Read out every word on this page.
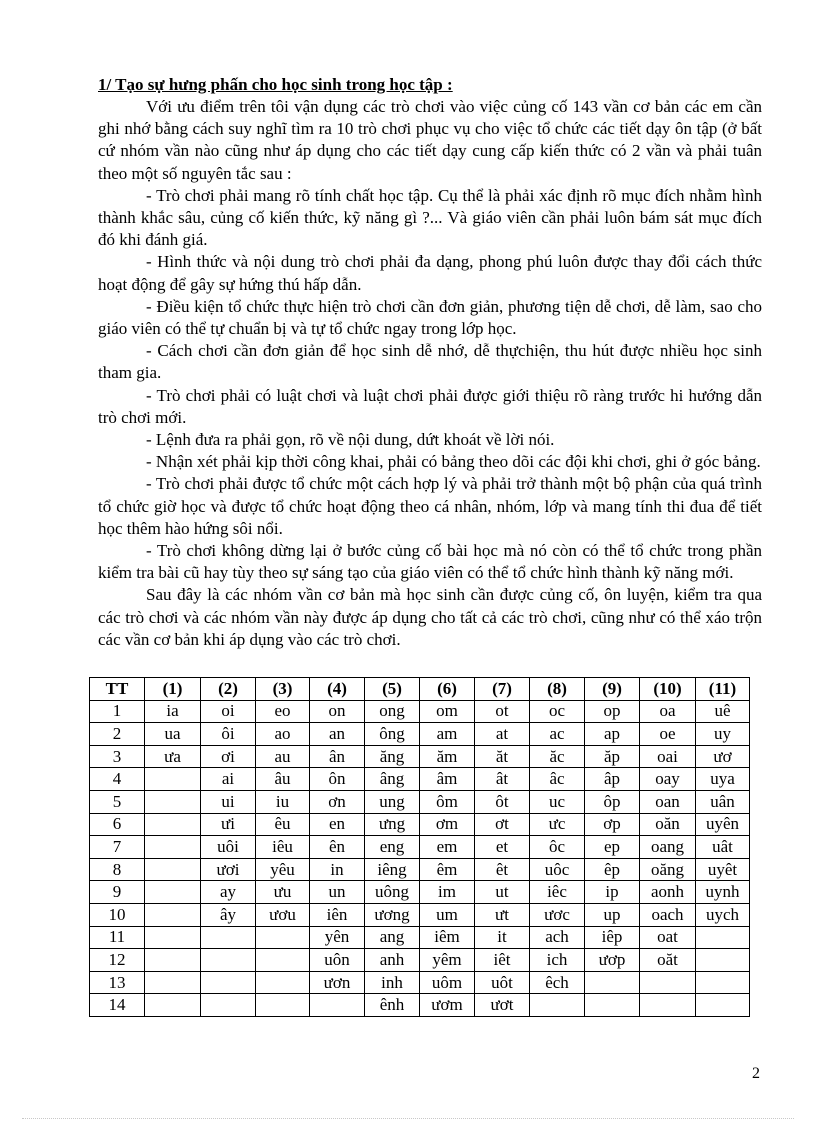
1/ Tạo sự hưng phấn cho học sinh trong học tập :

Với ưu điểm trên tôi vận dụng các trò chơi vào việc củng cố 143 vần cơ bản các em cần ghi nhớ bằng cách suy nghĩ tìm ra 10 trò chơi phục vụ cho việc tổ chức các tiết dạy ôn tập (ở bất cứ nhóm vần nào cũng như áp dụng cho các tiết dạy cung cấp kiến thức có 2 vần và phải tuân theo một số nguyên tắc sau :

- Trò chơi phải mang rõ tính chất học tập. Cụ thể là phải xác định rõ mục đích nhằm hình thành khắc sâu, củng cố kiến thức, kỹ năng gì ?... Và giáo viên cần phải luôn bám sát mục đích đó khi đánh giá.

- Hình thức và nội dung trò chơi phải đa dạng, phong phú luôn được thay đổi cách thức hoạt động để gây sự hứng thú hấp dẫn.

- Điều kiện tổ chức thực hiện trò chơi cần đơn giản, phương tiện dễ chơi, dễ làm, sao cho giáo viên có thể tự chuẩn bị và tự tổ chức ngay trong lớp học.

- Cách chơi cần đơn giản để học sinh dễ nhớ, dễ thựchiện, thu hút được nhiều học sinh tham gia.

- Trò chơi phải có luật chơi và luật chơi phải được giới thiệu rõ ràng trước hi hướng dẫn trò chơi mới.

- Lệnh đưa ra phải gọn, rõ về nội dung, dứt khoát về lời nói.

- Nhận xét phải kịp thời công khai, phải có bảng theo dõi các đội khi chơi, ghi ở góc bảng.

- Trò chơi phải được tổ chức một cách hợp lý và phải trở thành một bộ phận của quá trình tổ chức giờ học và được tổ chức hoạt động theo cá nhân, nhóm, lớp và mang tính thi đua để tiết học thêm hào hứng sôi nổi.

- Trò chơi không dừng lại ở bước củng cố bài học mà nó còn có thể tổ chức trong phần kiểm tra bài cũ hay tùy theo sự sáng tạo của giáo viên có thể tổ chức hình thành kỹ năng mới.

Sau đây là các nhóm vần cơ bản mà học sinh cần được củng cố, ôn luyện, kiểm tra qua các trò chơi và các nhóm vần này được áp dụng cho tất cả các trò chơi, cũng như có thể xáo trộn các vần cơ bản khi áp dụng vào các trò chơi.

TT	(1)	(2)	(3)	(4)	(5)	(6)	(7)	(8)	(9)	(10)	(11)
1	ia	oi	eo	on	ong	om	ot	oc	op	oa	uê
2	ua	ôi	ao	an	ông	am	at	ac	ap	oe	uy
3	ưa	ơi	au	ân	ăng	ăm	ăt	ăc	ăp	oai	ươ
4		ai	âu	ôn	âng	âm	ât	âc	âp	oay	uya
5		ui	iu	ơn	ung	ôm	ôt	uc	ôp	oan	uân
6		ưi	êu	en	ưng	ơm	ơt	ưc	ơp	oăn	uyên
7		uôi	iêu	ên	eng	em	et	ôc	ep	oang	uât
8		ươi	yêu	in	iêng	êm	êt	uôc	êp	oăng	uyêt
9		ay	ưu	un	uông	im	ut	iêc	ip	aonh	uynh
10		ây	ươu	iên	ương	um	ưt	ươc	up	oach	uych
11				yên	ang	iêm	it	ach	iêp	oat	
12				uôn	anh	yêm	iêt	ich	ươp	oăt	
13				ươn	inh	uôm	uôt	êch			
14					ênh	ươm	ươt				
2
